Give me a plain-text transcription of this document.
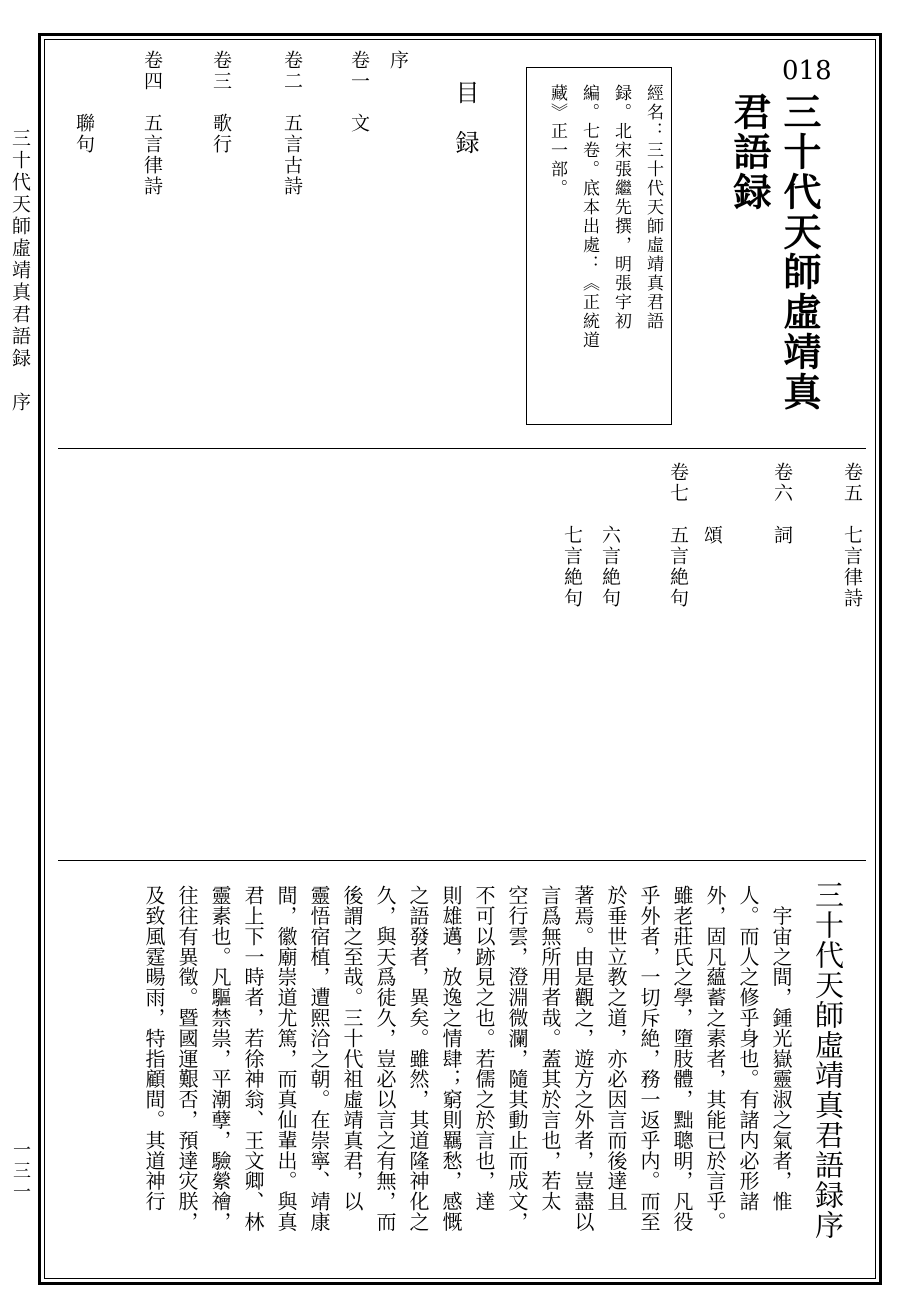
三十代天師虛靖真君語録　序
一三一
018
三十代天師虛靖真
君語録
經名：三十代天師虛靖真君語
録。北宋張繼先撰，明張宇初
編。七卷。底本出處：《正統道
藏》正一部。
目録
序
卷一　文
卷二　五言古詩
卷三　歌行
卷四　五言律詩
　　　聯句
卷五　七言律詩
卷六　詞
　　　頌
卷七　五言絶句
　　　六言絶句
　　　七言絶句
三十代天師虛靖真君語録序
　宇宙之間，鍾光嶽靈淑之氣者，惟
人。而人之修乎身也。有諸内必形諸
外，固凡蘊蓄之素者，其能已於言乎。
雖老莊氏之學，墮肢體，黜聰明，凡役
乎外者，一切斥絶，務一返乎内。而至
於垂世立教之道，亦必因言而後達且
著焉。由是觀之，遊方之外者，豈盡以
言爲無所用者哉。蓋其於言也，若太
空行雲，澄淵微瀾，隨其動止而成文，
不可以跡見之也。若儒之於言也，達
則雄邁，放逸之情肆；窮則羈愁，感慨
之語發者，異矣。雖然，其道隆神化之
久，與天爲徒久，豈必以言之有無，而
後謂之至哉。三十代祖虛靖真君，以
靈悟宿植，遭熙洽之朝。在崇寧、靖康
間，徽廟崇道尤篤，而真仙輩出。與真
君上下一時者，若徐神翁、王文卿、林
靈素也。凡驅禁祟，平潮孽，驗縈禬，
往往有異徵。暨國運艱否，預達灾朕，
及致風霆暘雨，特指顧間。其道神行
